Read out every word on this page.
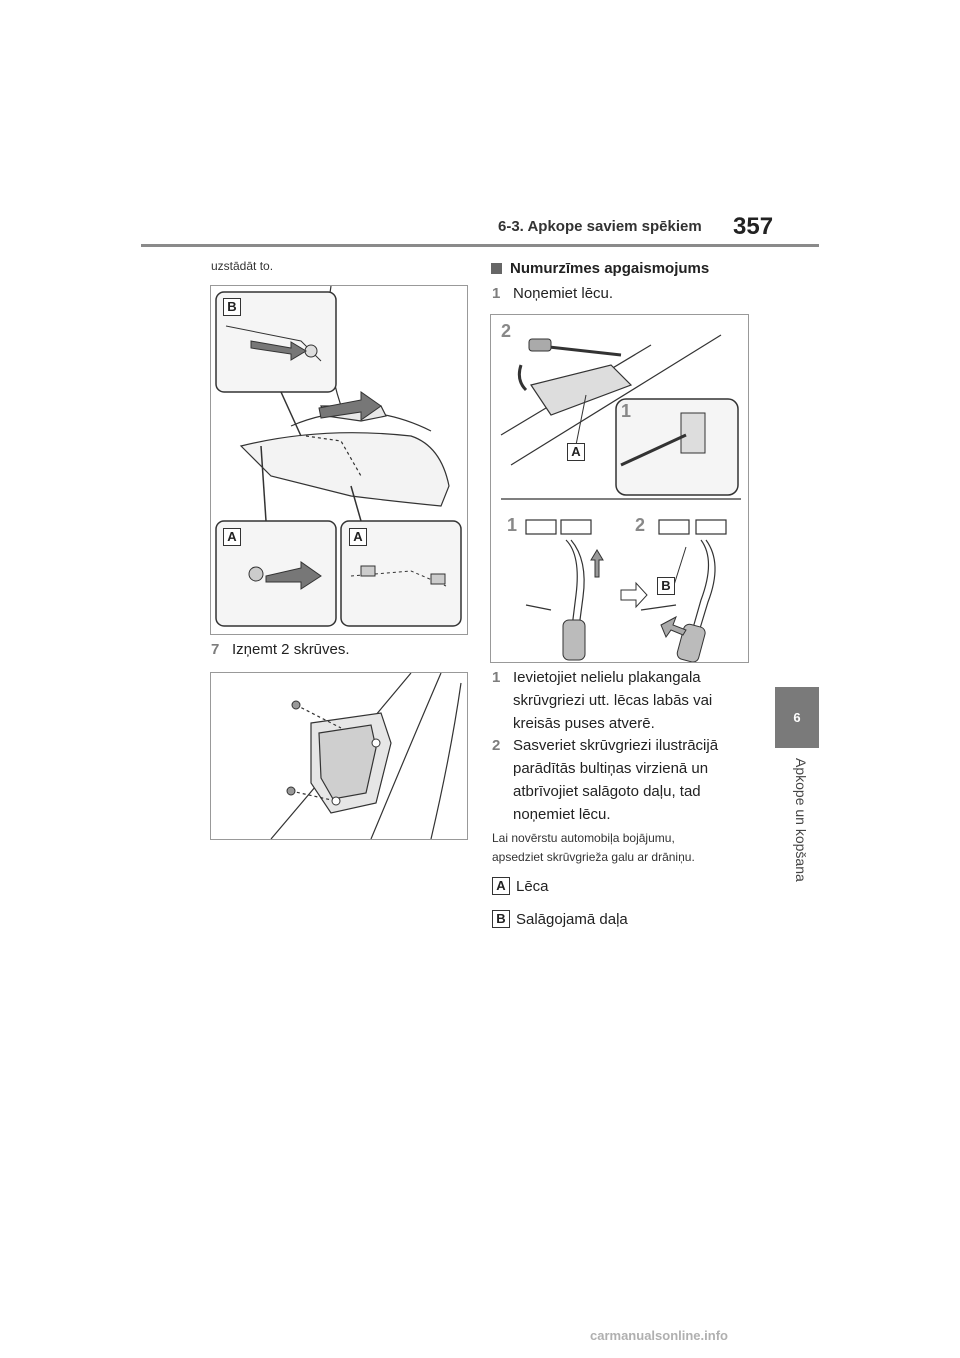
6-3. Apkope saviem spēkiem 357
6
Apkope un kopšana
uzstādāt to.
B
A	A
7 Izņemt 2 skrūves.
Numurzīmes apgaismojums
1 Noņemiet lēcu.
2
1
A
1	2
B
1 Ievietojiet nelielu plakangala
skrūvgriezi utt. lēcas labās vai
kreisās puses atverē.
2 Sasveriet skrūvgriezi ilustrācijā
parādītās bultiņas virzienā un
atbrīvojiet salāgoto daļu, tad
noņemiet lēcu.
Lai novērstu automobiļa bojājumu,
apsedziet skrūvgrieža galu ar drāniņu.
A Lēca
B Salāgojamā daļa
carmanualsonline.info
